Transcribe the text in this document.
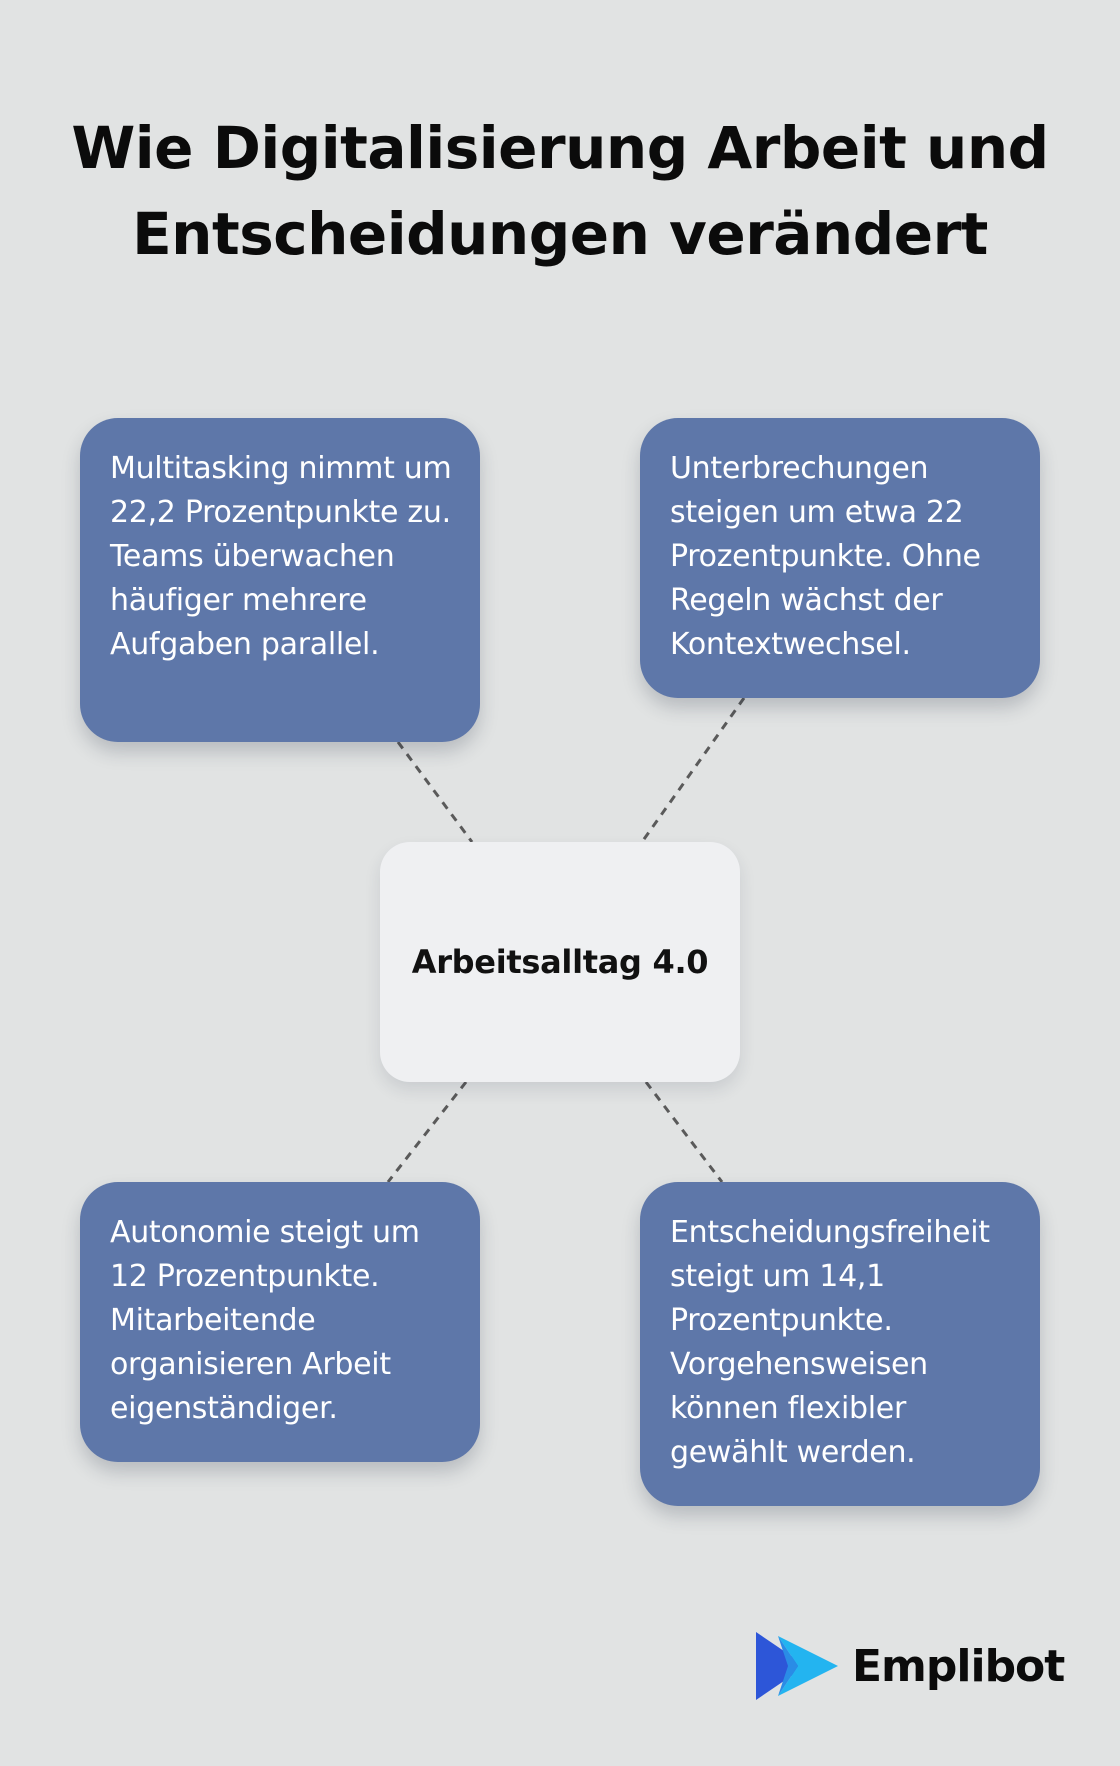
Wie Digitalisierung Arbeit und
Entscheidungen verändert
Multitasking nimmt um 22,2 Prozentpunkte zu. Teams überwachen häufiger mehrere Aufgaben parallel.
Unterbrechungen steigen um etwa 22 Prozentpunkte. Ohne Regeln wächst der Kontextwechsel.
Arbeitsalltag 4.0
Autonomie steigt um 12 Prozentpunkte. Mitarbeitende organisieren Arbeit eigenständiger.
Entscheidungsfreiheit steigt um 14,1 Prozentpunkte. Vorgehensweisen können flexibler gewählt werden.
Emplibot
